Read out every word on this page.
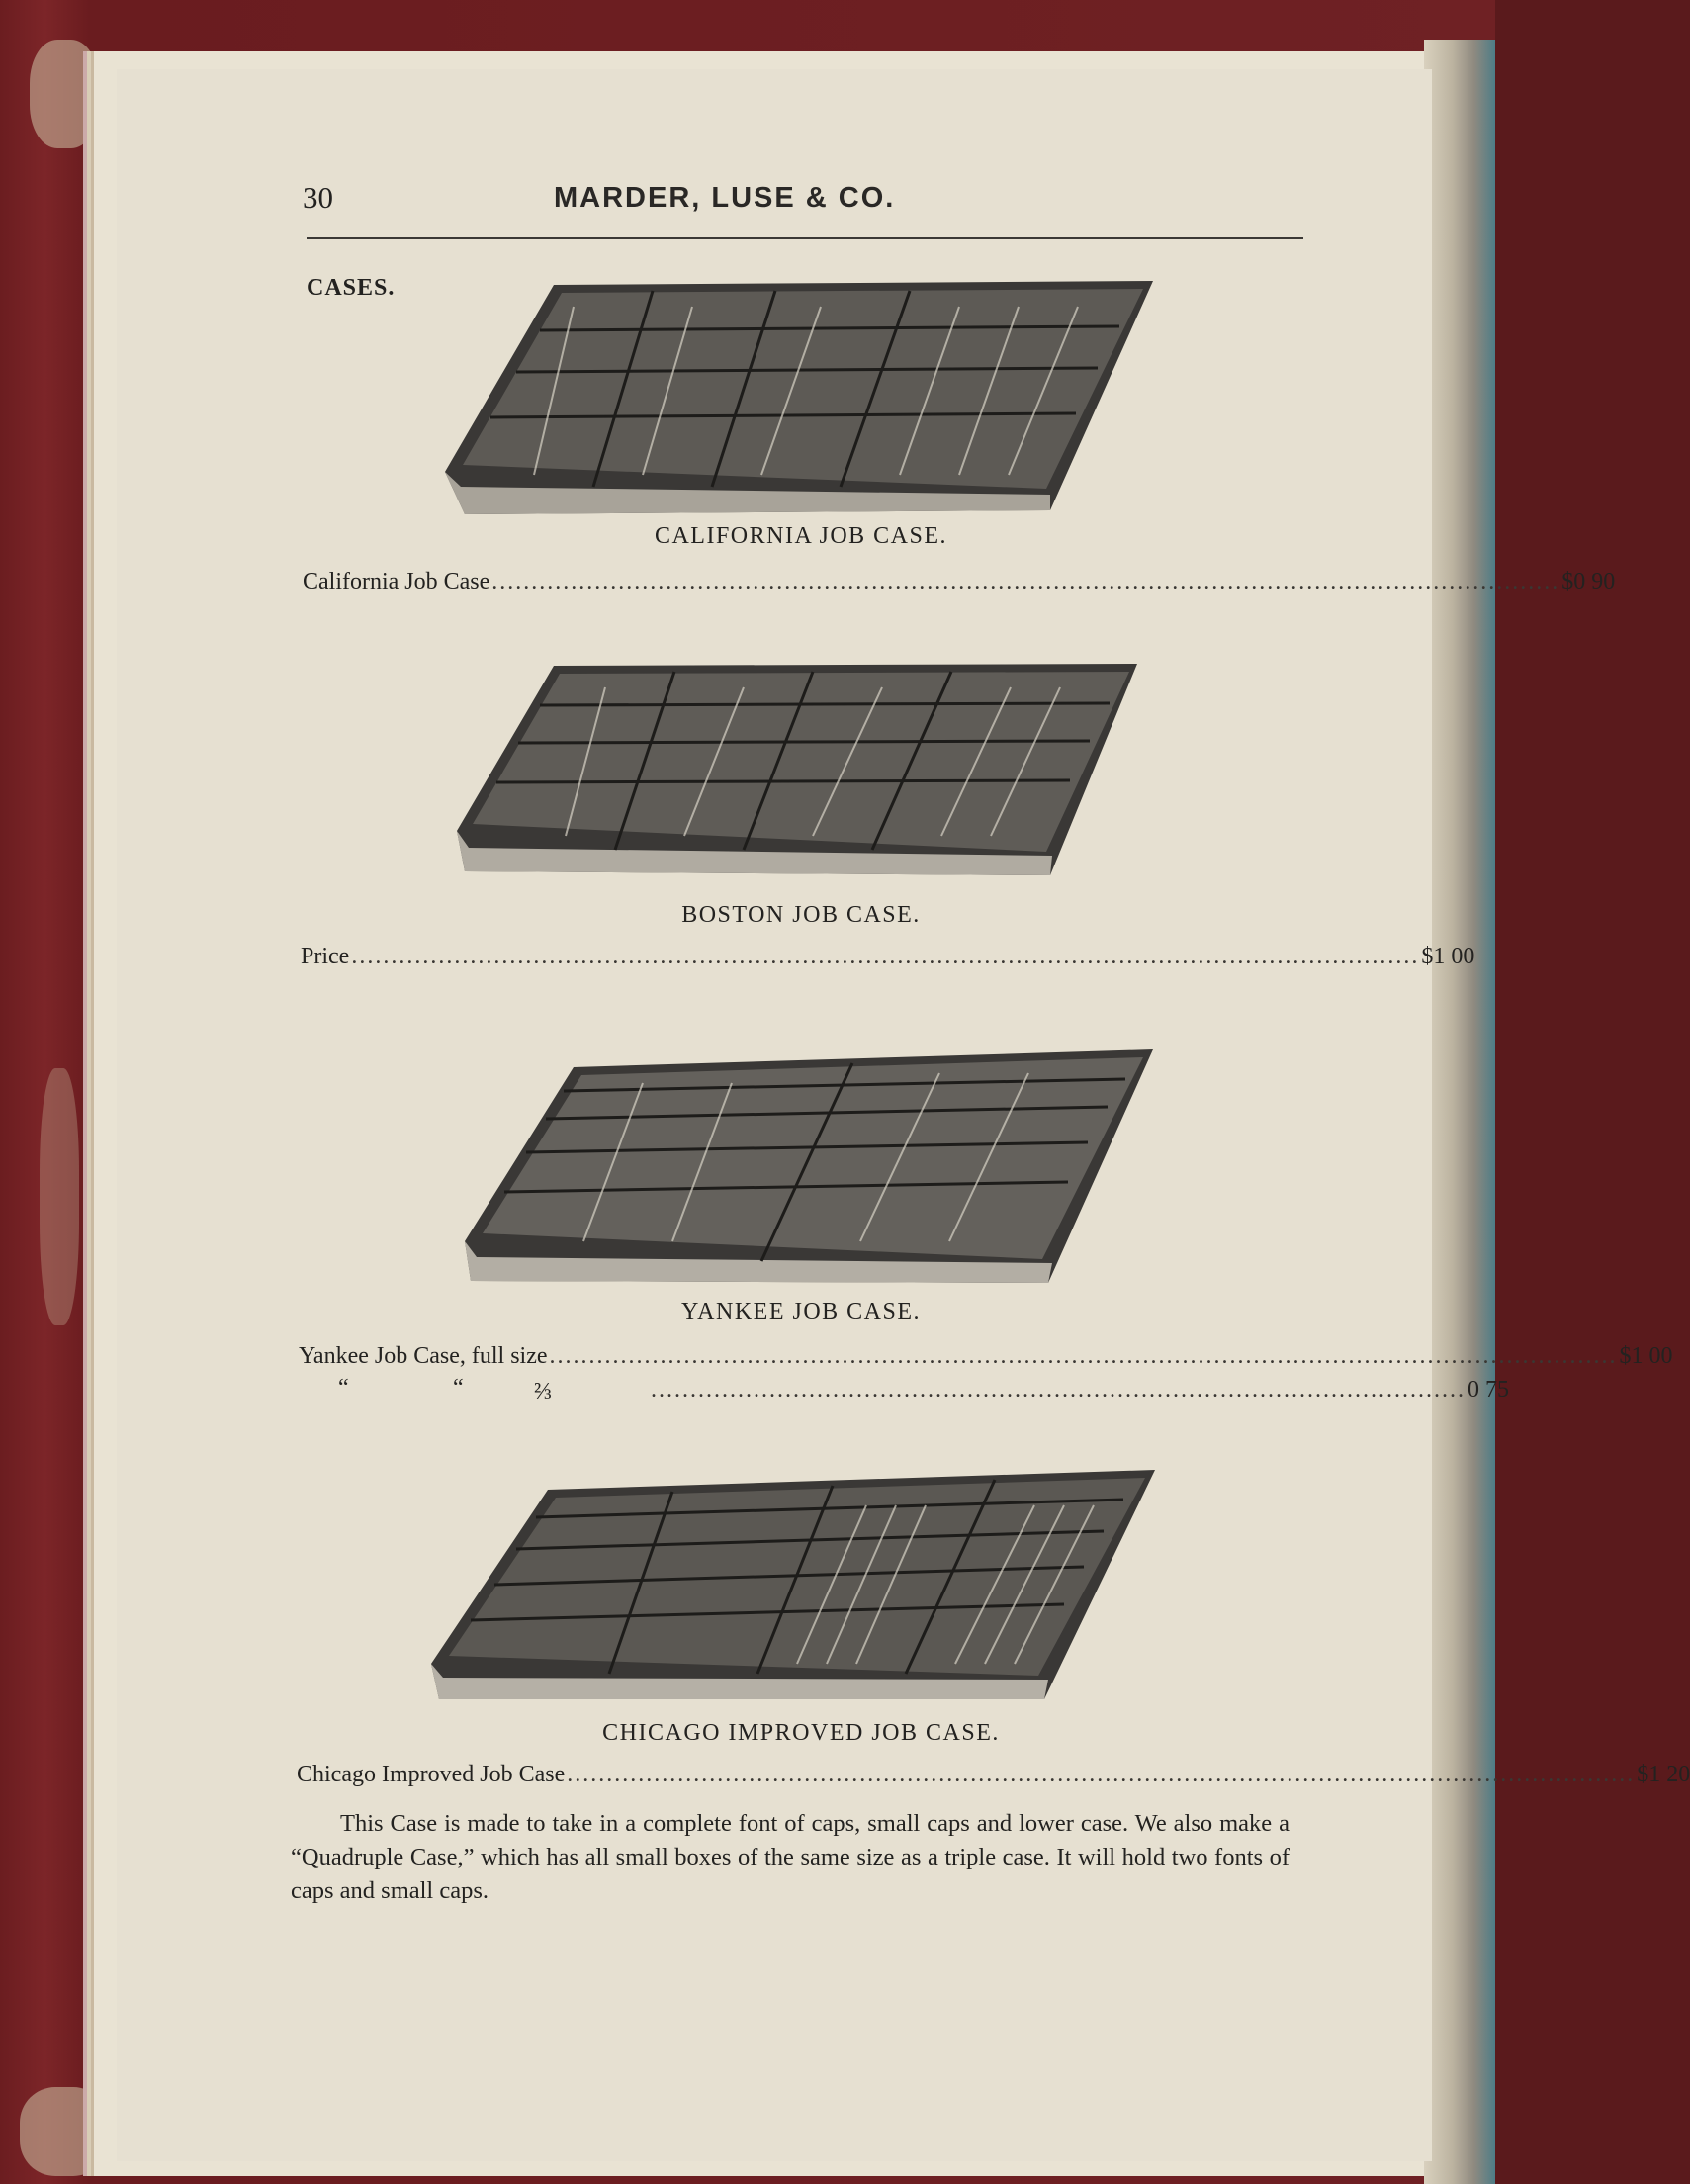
30	MARDER, LUSE & CO.
CASES.
CALIFORNIA JOB CASE.
California Job Case ....................................................................................................................................... $0 90
BOSTON JOB CASE.
Price ....................................................................................................................................... $1 00
YANKEE JOB CASE.
Yankee Job Case, full size ....................................................................................................................................... $1 00
“	“	⅔	....................................................................................................... 0 75
CHICAGO IMPROVED JOB CASE.
Chicago Improved Job Case ....................................................................................................................................... $1 20
This Case is made to take in a complete font of caps, small caps and lower case. We also make a “Quadruple Case,” which has all small boxes of the same size as a triple case. It will hold two fonts of caps and small caps.
